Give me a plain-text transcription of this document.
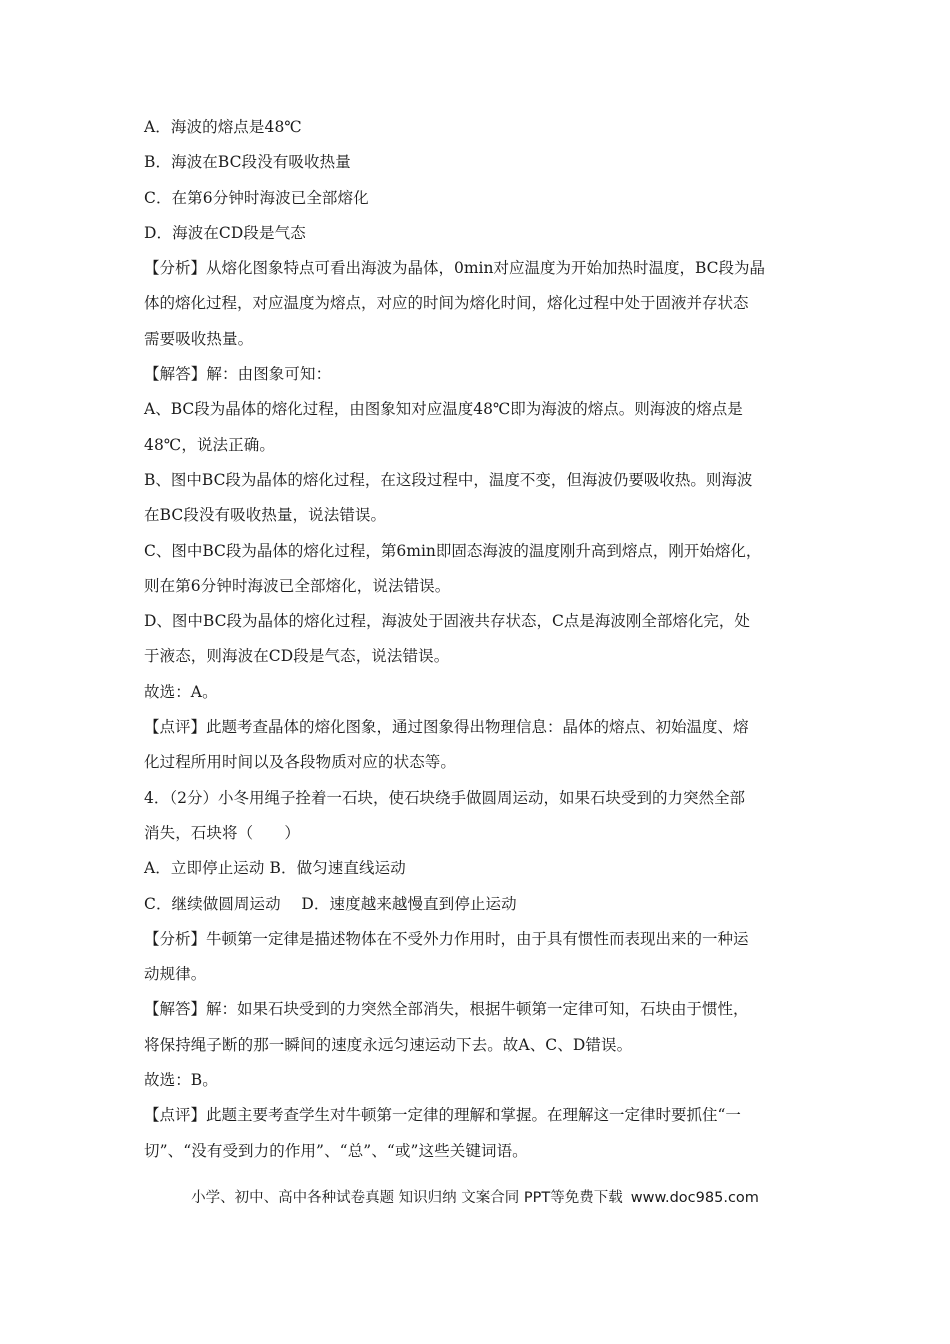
A．海波的熔点是48℃
B．海波在BC段没有吸收热量
C．在第6分钟时海波已全部熔化
D．海波在CD段是气态
【分析】从熔化图象特点可看出海波为晶体，0min对应温度为开始加热时温度，BC段为晶
体的熔化过程，对应温度为熔点，对应的时间为熔化时间，熔化过程中处于固液并存状态
需要吸收热量。
【解答】解：由图象可知：
A、BC段为晶体的熔化过程，由图象知对应温度48℃即为海波的熔点。则海波的熔点是
48℃，说法正确。
B、图中BC段为晶体的熔化过程，在这段过程中，温度不变，但海波仍要吸收热。则海波
在BC段没有吸收热量，说法错误。
C、图中BC段为晶体的熔化过程，第6min即固态海波的温度刚升高到熔点，刚开始熔化，
则在第6分钟时海波已全部熔化，说法错误。
D、图中BC段为晶体的熔化过程，海波处于固液共存状态，C点是海波刚全部熔化完，处
于液态，则海波在CD段是气态，说法错误。
故选：A。
【点评】此题考查晶体的熔化图象，通过图象得出物理信息：晶体的熔点、初始温度、熔
化过程所用时间以及各段物质对应的状态等。
4．（2分）小冬用绳子拴着一石块，使石块绕手做圆周运动，如果石块受到的力突然全部
消失，石块将（　　）
A．立即停止运动 B．做匀速直线运动
C．继续做圆周运动　 D．速度越来越慢直到停止运动
【分析】牛顿第一定律是描述物体在不受外力作用时，由于具有惯性而表现出来的一种运
动规律。
【解答】解：如果石块受到的力突然全部消失，根据牛顿第一定律可知，石块由于惯性，
将保持绳子断的那一瞬间的速度永远匀速运动下去。故A、C、D错误。
故选：B。
【点评】此题主要考查学生对牛顿第一定律的理解和掌握。在理解这一定律时要抓住“一
切”、“没有受到力的作用”、“总”、“或”这些关键词语。
小学、初中、高中各种试卷真题 知识归纳 文案合同 PPT等免费下载 www.doc985.com
